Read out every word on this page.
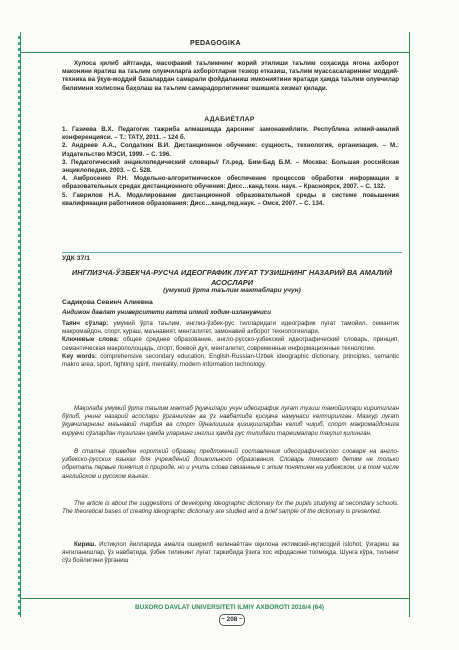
PEDAGOGIKA
Хулоса қилиб айтганда, масофавий таълимнинг жорий этилиши таълим соҳасида ягона ахборот маконини яратиш ва таълим олувчиларга ахборотларни тезкор етказиш, таълим муассасаларининг моддий-техника ва ўқув-моддий базалардан самарали фойдаланиш имкониятини яратади ҳамда таълим олувчилар билимини холисона баҳолаш ва таълим самарадорлигининг ошишига хизмат қилади.
АДАБИЁТЛАР
1. Газиева В.Х. Педагогик тажриба алмашишда дарснинг замонавийлиги. Республика илмий-амалий конференцияси. – Т.: ТАТУ, 2011. – 124 б.
2. Андреев А.А., Солдаткин В.И. Дистанционное обучение: сущность, технология, организация. – М.: Издательство МЭСИ, 1999. – С. 196.
3. Педагогический энциклопедический словарь// Гл.ред. Бим-Бад Б.М. – Москва: Большая российская энциклопедия, 2003. – С. 528.
4. Амбросенко Р.Н. Модельно-алгоритмическое обеспечение процессов обработки информации в образовательных средах дистанционного обучения: Дисс…канд.техн. наук. – Красноярск, 2007. – С. 132.
5. Гаврилов Н.А. Моделирование дистанционной образовательной среды в системе повышения квалификации работников образования: Дисс…канд.пед.наук. – Омск, 2007. – С. 134.
УДК 37/1
ИНГЛИЗЧА-ЎЗБЕКЧА-РУСЧА ИДЕОГРАФИК ЛУҒАТ ТУЗИШНИНГ НАЗАРИЙ ВА АМАЛИЙ АСОСЛАРИ
(умумий ўрта таълим мактаблари учун)
Садиқова Севинч Алиевна
Андижон давлат университети катта илмий ходим-изланувчиси
Таянч сўзлар: умумий ўрта таълим, инглиз-ўзбек-рус тилларидаги идеографик луғат тамойил, семантик макромайдон, спорт, кураш, маънавият, менталитет, замонавий ахборот технологиялари.
Ключевые слова: общее среднее образование, англо-русско-узбекский идеографический словарь, принцип, семантическая макрополощадь, спорт, боевой дух, менталитет, современные информационные технологии.
Key words: comprehensive secondary education, English-Russian-Uzbek ideographic dictionary, principles, semantic makro area, sport, fighting spirit, mentality, modern information technology.
Мақолада умумий ўрта таълим мактаб ўқувчилари учун идеографик луғат тузиш тамойиллари киритилган бўлиб, унинг назарий асослари ўрганилган ва ўз навбатида қисқача намунаси келтирилган. Мазкур луғат ўқувчиларнинг маънавий тарбия ва спорт йўналишига қизиқишлардан келиб чиқиб, спорт макромайдонига кирувчи сўзлардан тузилган ҳамда уларнинг инглиз ҳамда рус тилидаги таржималари таҳлил қилинган.
В статье приведен короткий образец предложений составления идеографического словаря на англо-узбекско-русских языках для учреждений дошкольного образования. Словарь помогает детям не только обретать первые понятия о природе, но и учить слова связанные с этим понятием на узбекском, и в том числе английском и русском языках.
The article is about the suggestions of developing ideographic dictionary for the pupils studying at secondary schools. The theoretical bases of creating ideographic dictionary are studied and a brief sample of the dictionary is presented.
Кириш. Истиқлол йилларида амалга оширилб келинаётган оқилона иктимоий-иқтисодий islohot, ўзгариш ва янгиланишлар, ўз навбатида, ўзбек тилининг луғат таркибида ўзига хос ифодасини топмоқда. Шунга кўра, тилнинг сўз бойлигини ўрганиш
BUXORO DAVLAT UNIVERSITETI ILMIY AXBOROTI 2016/4 (64)
~ 208 ~
